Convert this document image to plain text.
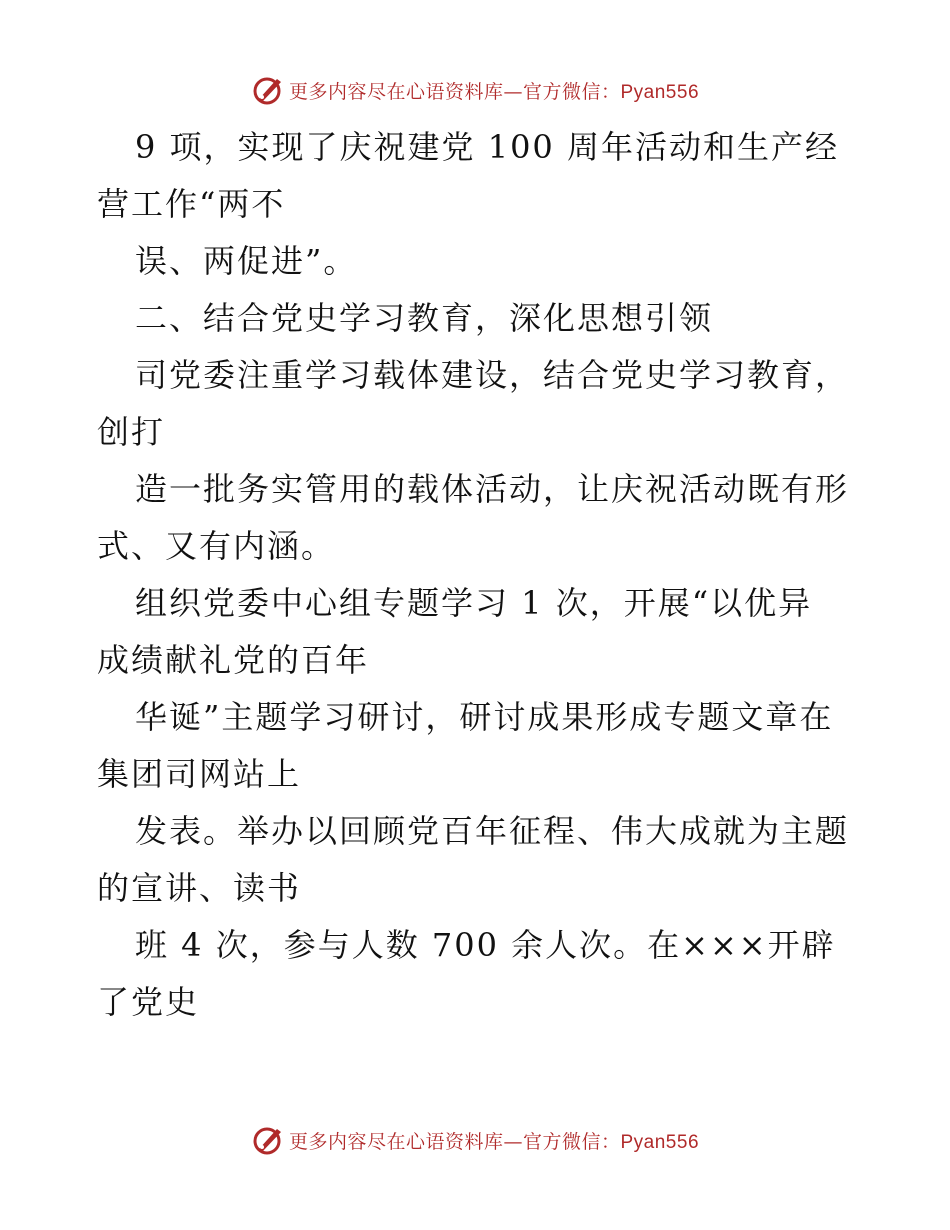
更多内容尽在心语资料库—官方微信：Pyan556
9 项，实现了庆祝建党 100 周年活动和生产经
营工作“两不
误、两促进”。
二、结合党史学习教育，深化思想引领
司党委注重学习载体建设，结合党史学习教育，
创打
造一批务实管用的载体活动，让庆祝活动既有形
式、又有内涵。
组织党委中心组专题学习 1 次，开展“以优异
成绩献礼党的百年
华诞”主题学习研讨，研讨成果形成专题文章在
集团司网站上
发表。举办以回顾党百年征程、伟大成就为主题
的宣讲、读书
班 4 次，参与人数 700 余人次。在×××开辟
了党史
更多内容尽在心语资料库—官方微信：Pyan556
